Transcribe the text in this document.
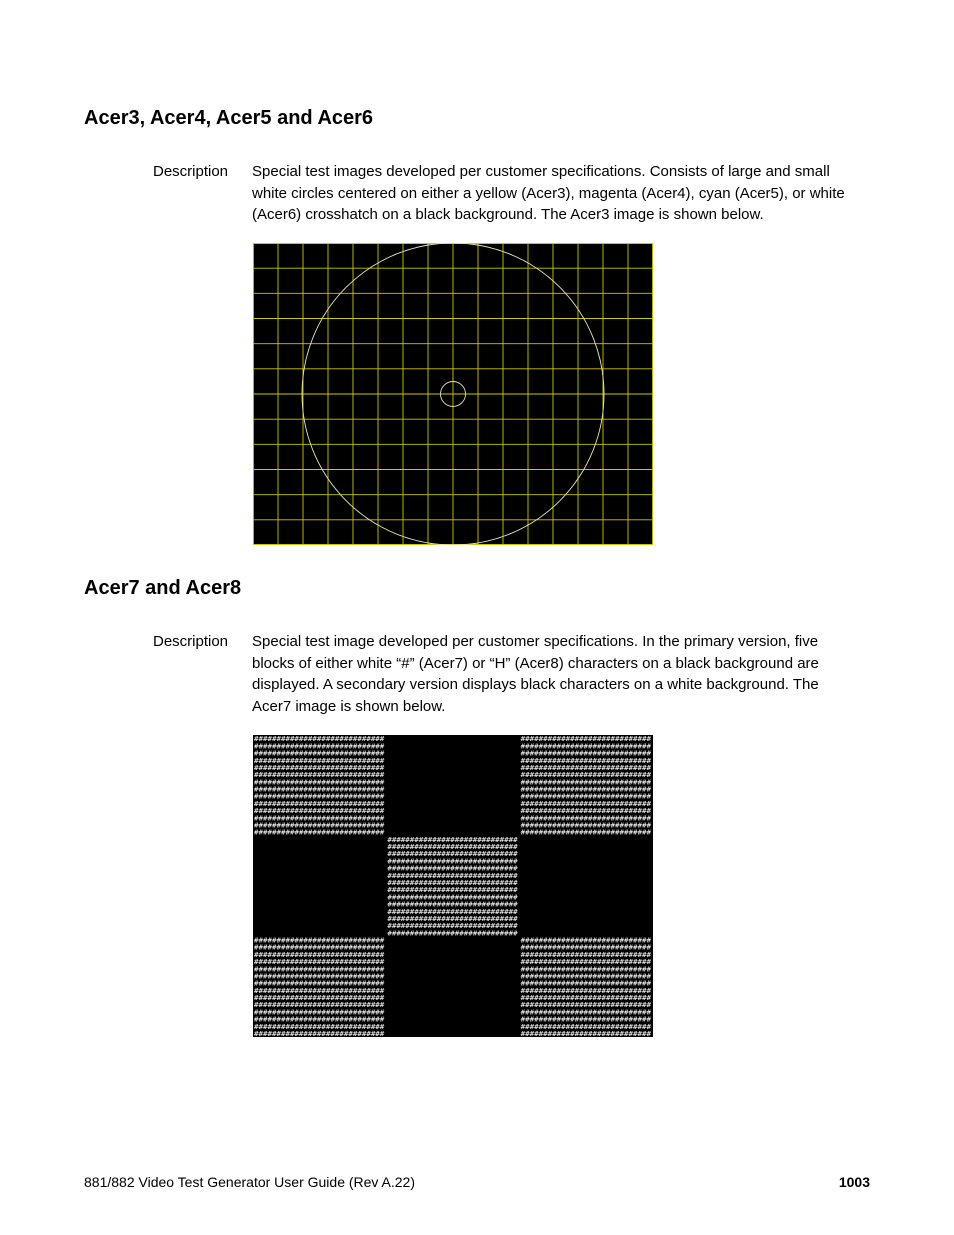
Acer3, Acer4, Acer5 and Acer6
Description Special test images developed per customer specifications. Consists of large and small
white circles centered on either a yellow (Acer3), magenta (Acer4), cyan (Acer5), or white
(Acer6) crosshatch on a black background. The Acer3 image is shown below.

Acer7 and Acer8
Description Special test image developed per customer specifications. In the primary version, five
blocks of either white “#” (Acer7) or “H” (Acer8) characters on a black background are
displayed. A secondary version displays black characters on a white background. The
Acer7 image is shown below.

#############################
#############################
#############################
#############################
#############################
#############################
#############################
#############################
#############################
#############################
#############################
#############################
#############################
#############################
#############################
#############################
#############################
#############################
#############################
#############################
#############################
#############################
#############################
#############################
#############################
#############################
#############################
#############################
#############################
#############################
#############################
#############################
#############################
#############################
#############################
#############################
#############################
#############################
#############################
#############################
#############################
#############################
#############################
#############################
#############################
#############################
#############################
#############################
#############################
#############################
#############################
#############################
#############################
#############################
#############################
#############################
#############################
#############################
#############################
#############################
#############################
#############################
#############################
#############################
#############################
#############################
#############################
#############################
#############################
#############################
881/882 Video Test Generator User Guide (Rev A.22)	1003
